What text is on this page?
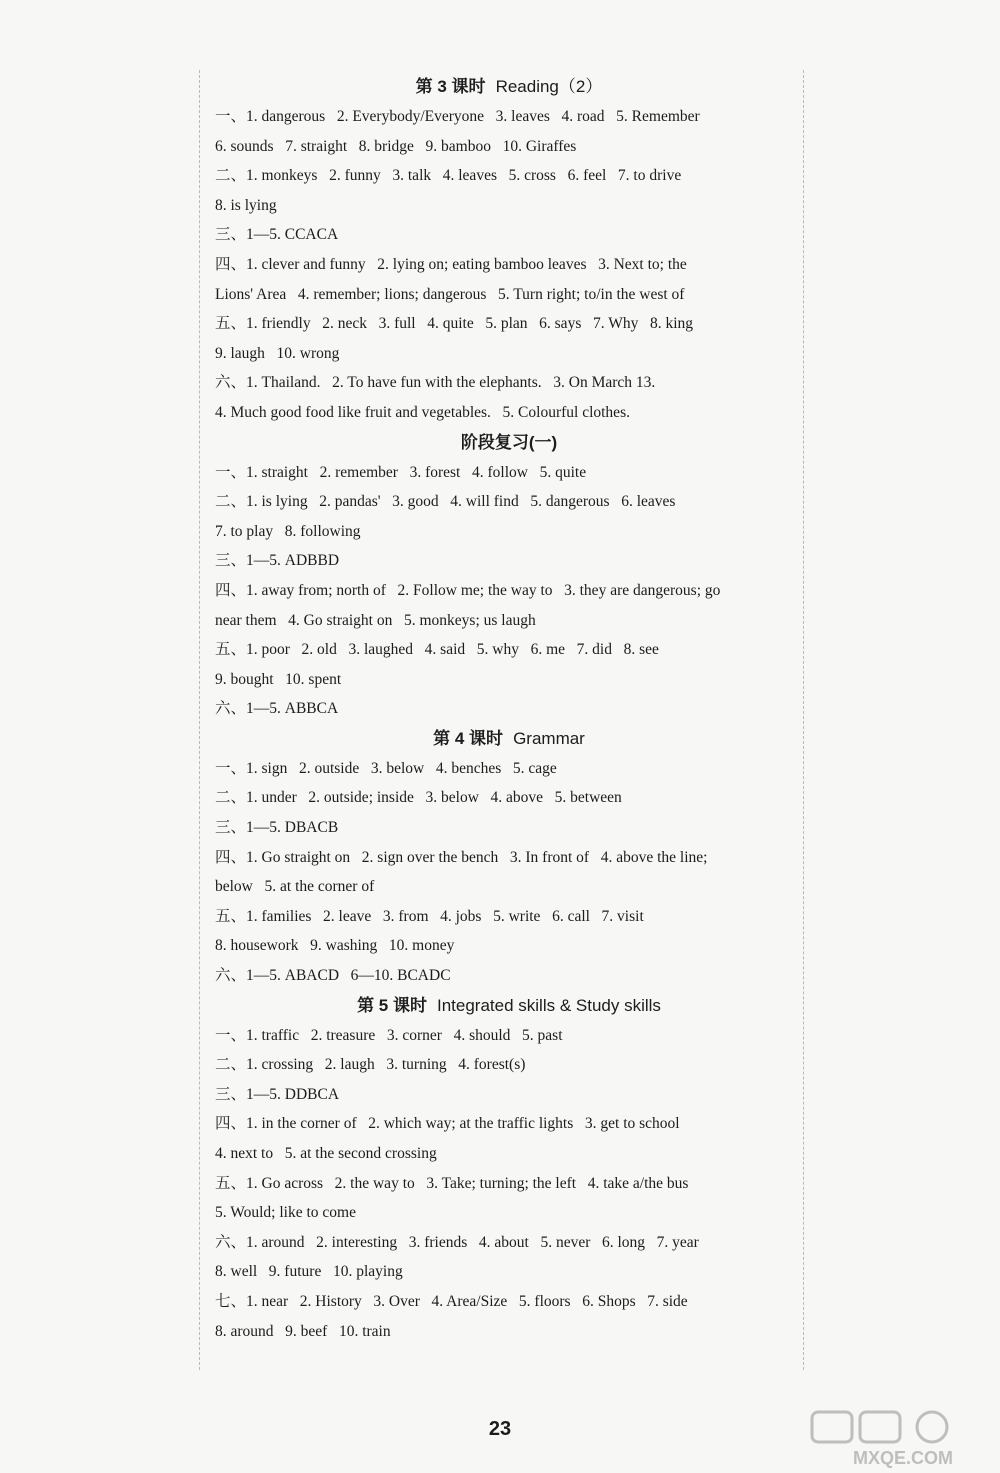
第 3 课时 Reading（2）
一、1. dangerous   2. Everybody/Everyone   3. leaves   4. road   5. Remember
6. sounds   7. straight   8. bridge   9. bamboo   10. Giraffes
二、1. monkeys   2. funny   3. talk   4. leaves   5. cross   6. feel   7. to drive
8. is lying
三、1—5. CCACA
四、1. clever and funny   2. lying on; eating bamboo leaves   3. Next to; the
Lions' Area   4. remember; lions; dangerous   5. Turn right; to/in the west of
五、1. friendly   2. neck   3. full   4. quite   5. plan   6. says   7. Why   8. king
9. laugh   10. wrong
六、1. Thailand.   2. To have fun with the elephants.   3. On March 13.
4. Much good food like fruit and vegetables.   5. Colourful clothes.
阶段复习(一)
一、1. straight   2. remember   3. forest   4. follow   5. quite
二、1. is lying   2. pandas'   3. good   4. will find   5. dangerous   6. leaves
7. to play   8. following
三、1—5. ADBBD
四、1. away from; north of   2. Follow me; the way to   3. they are dangerous; go
near them   4. Go straight on   5. monkeys; us laugh
五、1. poor   2. old   3. laughed   4. said   5. why   6. me   7. did   8. see
9. bought   10. spent
六、1—5. ABBCA
第 4 课时 Grammar
一、1. sign   2. outside   3. below   4. benches   5. cage
二、1. under   2. outside; inside   3. below   4. above   5. between
三、1—5. DBACB
四、1. Go straight on   2. sign over the bench   3. In front of   4. above the line;
below   5. at the corner of
五、1. families   2. leave   3. from   4. jobs   5. write   6. call   7. visit
8. housework   9. washing   10. money
六、1—5. ABACD   6—10. BCADC
第 5 课时 Integrated skills & Study skills
一、1. traffic   2. treasure   3. corner   4. should   5. past
二、1. crossing   2. laugh   3. turning   4. forest(s)
三、1—5. DDBCA
四、1. in the corner of   2. which way; at the traffic lights   3. get to school
4. next to   5. at the second crossing
五、1. Go across   2. the way to   3. Take; turning; the left   4. take a/the bus
5. Would; like to come
六、1. around   2. interesting   3. friends   4. about   5. never   6. long   7. year
8. well   9. future   10. playing
七、1. near   2. History   3. Over   4. Area/Size   5. floors   6. Shops   7. side
8. around   9. beef   10. train
23
MXQE.COM
